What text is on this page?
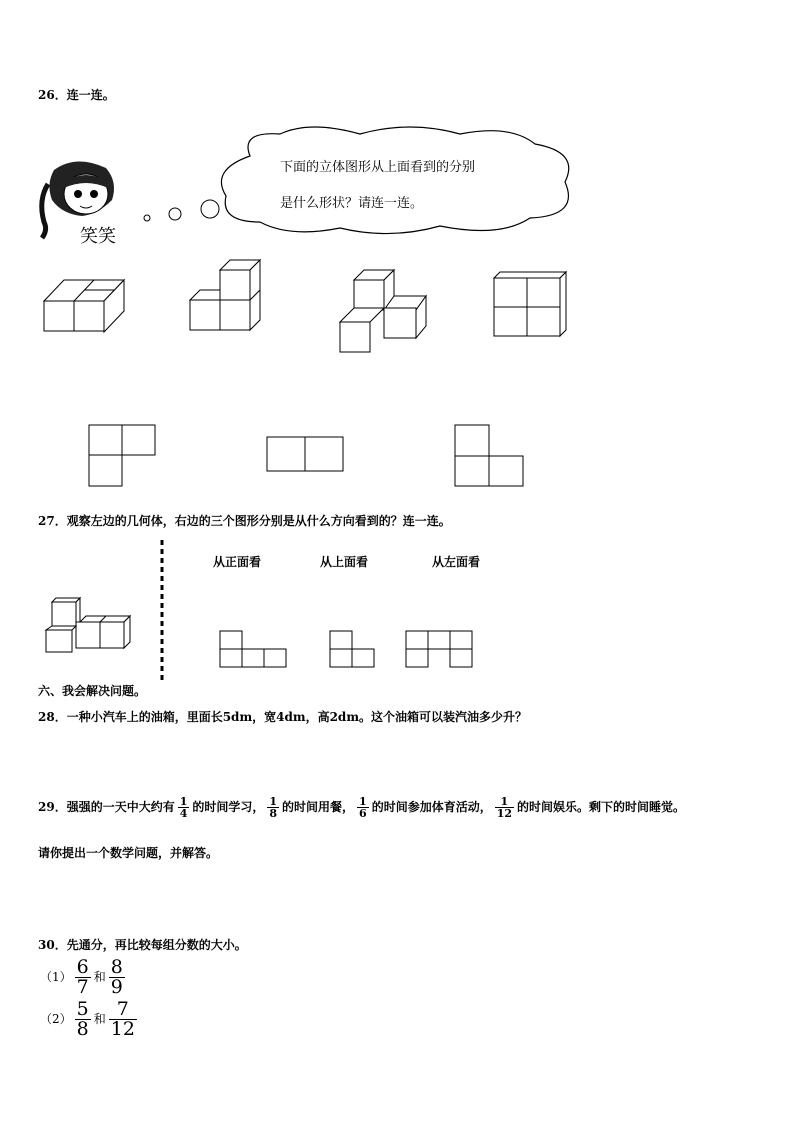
26．连一连。
笑笑
下面的立体图形从上面看到的分别
是什么形状？请连一连。
27．观察左边的几何体，右边的三个图形分别是从什么方向看到的？连一连。
从正面看	从上面看	从左面看
六、我会解决问题。
28．一种小汽车上的油箱，里面长5dm，宽4dm，高2dm。这个油箱可以装汽油多少升？
29．强强的一天中大约有 $\frac{1}{4}$ 的时间学习， $\frac{1}{8}$ 的时间用餐， $\frac{1}{6}$ 的时间参加体育活动， $\frac{1}{12}$ 的时间娱乐。剩下的时间睡觉。
请你提出一个数学问题，并解答。
30．先通分，再比较每组分数的大小。
$(1) \frac{6}{7}$ 和 $\frac{8}{9}$
$(2) \frac{5}{8}$ 和 $\frac{7}{12}$
